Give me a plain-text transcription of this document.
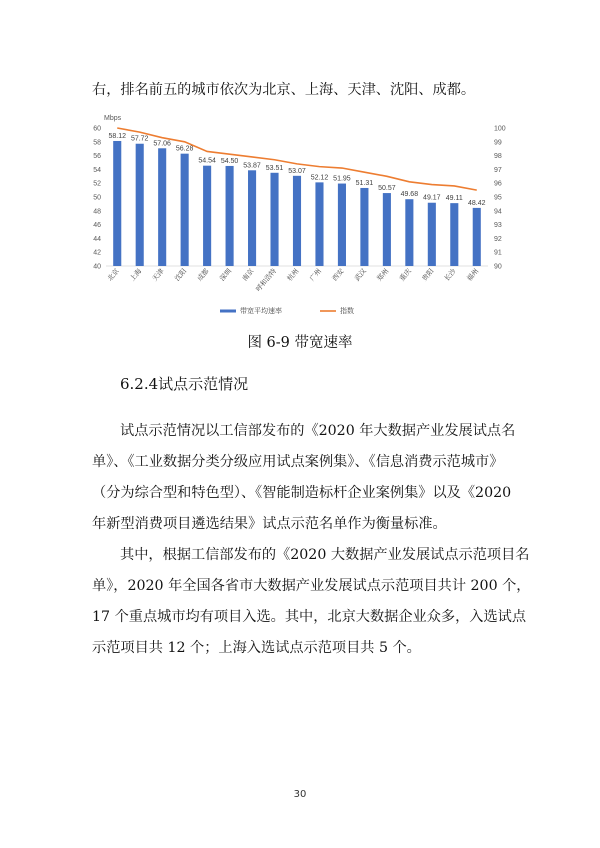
右，排名前五的城市依次为北京、上海、天津、沈阳、成都。
40
42
44
46
48
50
52
54
56
58
60
90
91
92
93
94
95
96
97
98
99
100
Mbps
58.12 57.72
57.06
56.28
54.54 54.50
53.87 53.51 53.07
52.12 51.95
51.31
50.57
49.68
49.17 49.11
48.42
北京 上海 天津 沈阳 成都 深圳 南京
呼和浩特 杭州 广州 西安 武汉 郑州 重庆 贵阳 长沙 福州
带宽平均速率	指数
图 6-9 带宽速率
6.2.4试点示范情况
试点示范情况以工信部发布的《2020 年大数据产业发展试点名
单》、《工业数据分类分级应用试点案例集》、《信息消费示范城市》
（分为综合型和特色型）、《智能制造标杆企业案例集》以及《2020
年新型消费项目遴选结果》试点示范名单作为衡量标准。
其中，根据工信部发布的《2020 大数据产业发展试点示范项目名
单》，2020 年全国各省市大数据产业发展试点示范项目共计 200 个，
17 个重点城市均有项目入选。其中，北京大数据企业众多，入选试点
示范项目共 12 个；上海入选试点示范项目共 5 个。
30
